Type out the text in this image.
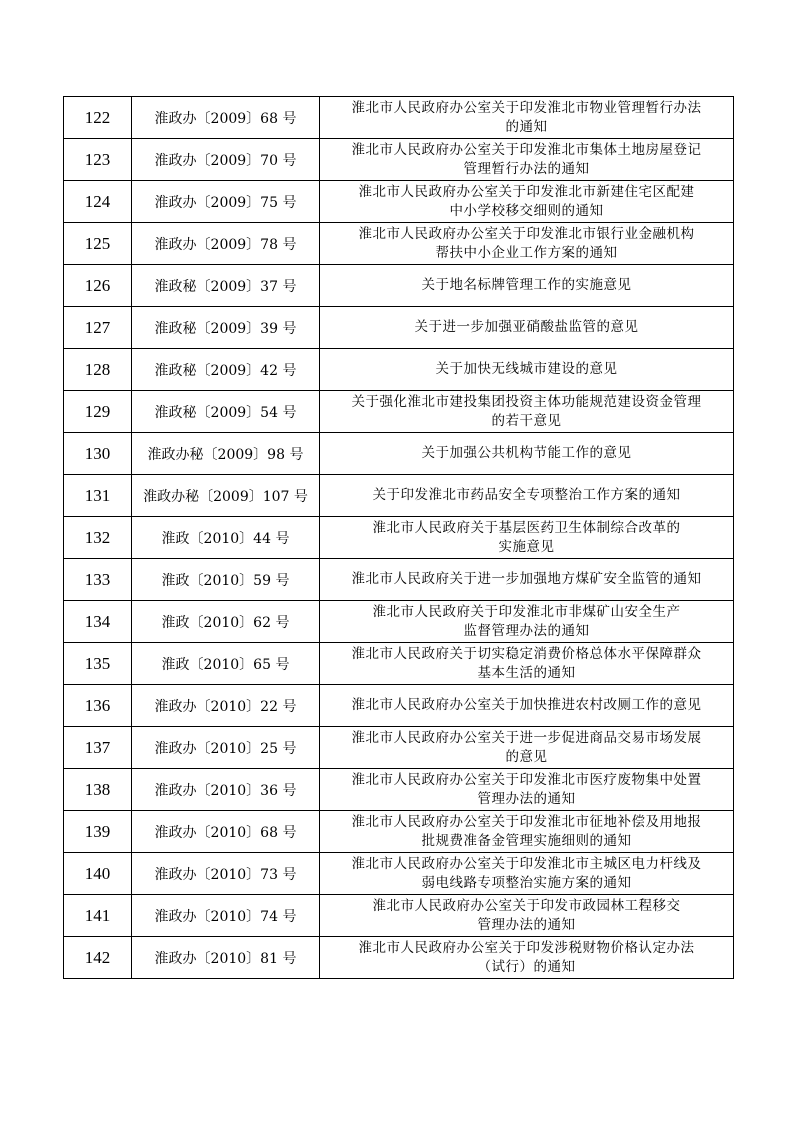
122	淮政办〔2009〕68 号	淮北市人民政府办公室关于印发淮北市物业管理暂行办法
的通知

123	淮政办〔2009〕70 号	淮北市人民政府办公室关于印发淮北市集体土地房屋登记
管理暂行办法的通知

124	淮政办〔2009〕75 号	淮北市人民政府办公室关于印发淮北市新建住宅区配建
中小学校移交细则的通知

125	淮政办〔2009〕78 号	淮北市人民政府办公室关于印发淮北市银行业金融机构
帮扶中小企业工作方案的通知

126	淮政秘〔2009〕37 号	关于地名标牌管理工作的实施意见

127	淮政秘〔2009〕39 号	关于进一步加强亚硝酸盐监管的意见

128	淮政秘〔2009〕42 号	关于加快无线城市建设的意见

129	淮政秘〔2009〕54 号	关于强化淮北市建投集团投资主体功能规范建设资金管理
的若干意见

130	淮政办秘〔2009〕98 号	关于加强公共机构节能工作的意见

131	淮政办秘〔2009〕107 号	关于印发淮北市药品安全专项整治工作方案的通知

132	淮政〔2010〕44 号	淮北市人民政府关于基层医药卫生体制综合改革的
实施意见

133	淮政〔2010〕59 号	淮北市人民政府关于进一步加强地方煤矿安全监管的通知

134	淮政〔2010〕62 号	淮北市人民政府关于印发淮北市非煤矿山安全生产
监督管理办法的通知

135	淮政〔2010〕65 号	淮北市人民政府关于切实稳定消费价格总体水平保障群众
基本生活的通知

136	淮政办〔2010〕22 号	淮北市人民政府办公室关于加快推进农村改厕工作的意见

137	淮政办〔2010〕25 号	淮北市人民政府办公室关于进一步促进商品交易市场发展
的意见

138	淮政办〔2010〕36 号	淮北市人民政府办公室关于印发淮北市医疗废物集中处置
管理办法的通知

139	淮政办〔2010〕68 号	淮北市人民政府办公室关于印发淮北市征地补偿及用地报
批规费准备金管理实施细则的通知

140	淮政办〔2010〕73 号	淮北市人民政府办公室关于印发淮北市主城区电力杆线及
弱电线路专项整治实施方案的通知

141	淮政办〔2010〕74 号	淮北市人民政府办公室关于印发市政园林工程移交
管理办法的通知

142	淮政办〔2010〕81 号	淮北市人民政府办公室关于印发涉税财物价格认定办法
（试行）的通知
